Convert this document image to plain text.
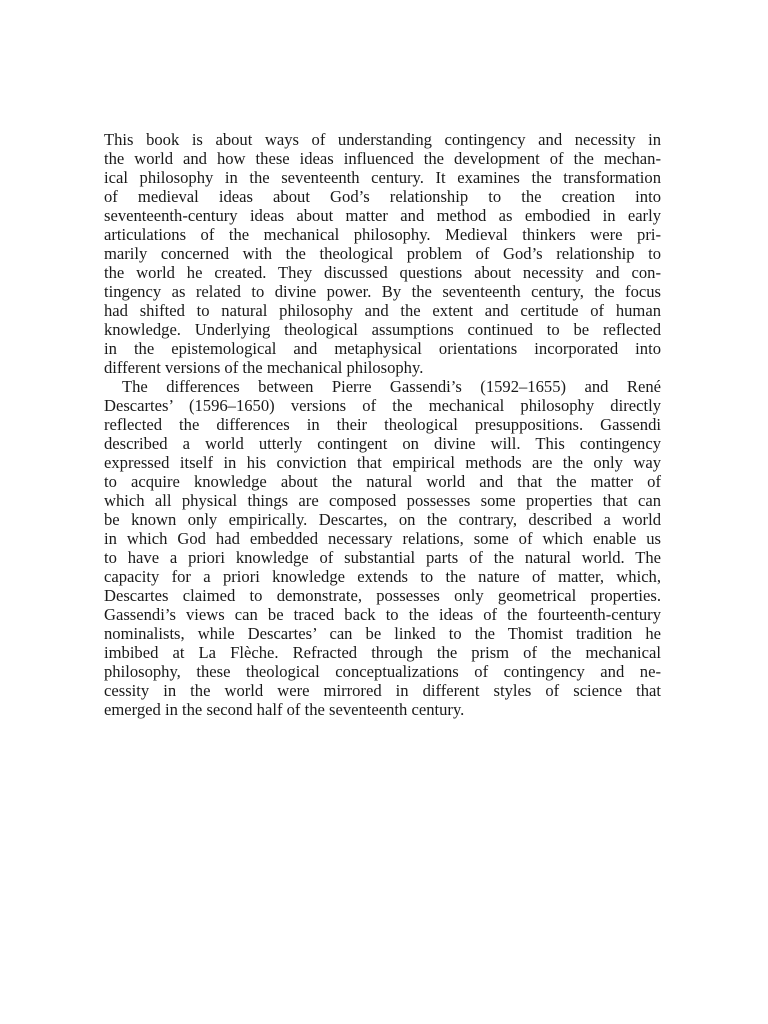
This book is about ways of understanding contingency and necessity in
the world and how these ideas influenced the development of the mechan-
ical philosophy in the seventeenth century. It examines the transformation
of medieval ideas about God’s relationship to the creation into
seventeenth-century ideas about matter and method as embodied in early
articulations of the mechanical philosophy. Medieval thinkers were pri-
marily concerned with the theological problem of God’s relationship to
the world he created. They discussed questions about necessity and con-
tingency as related to divine power. By the seventeenth century, the focus
had shifted to natural philosophy and the extent and certitude of human
knowledge. Underlying theological assumptions continued to be reflected
in the epistemological and metaphysical orientations incorporated into
different versions of the mechanical philosophy.
The differences between Pierre Gassendi’s (1592–1655) and René
Descartes’ (1596–1650) versions of the mechanical philosophy directly
reflected the differences in their theological presuppositions. Gassendi
described a world utterly contingent on divine will. This contingency
expressed itself in his conviction that empirical methods are the only way
to acquire knowledge about the natural world and that the matter of
which all physical things are composed possesses some properties that can
be known only empirically. Descartes, on the contrary, described a world
in which God had embedded necessary relations, some of which enable us
to have a priori knowledge of substantial parts of the natural world. The
capacity for a priori knowledge extends to the nature of matter, which,
Descartes claimed to demonstrate, possesses only geometrical properties.
Gassendi’s views can be traced back to the ideas of the fourteenth-century
nominalists, while Descartes’ can be linked to the Thomist tradition he
imbibed at La Flèche. Refracted through the prism of the mechanical
philosophy, these theological conceptualizations of contingency and ne-
cessity in the world were mirrored in different styles of science that
emerged in the second half of the seventeenth century.
